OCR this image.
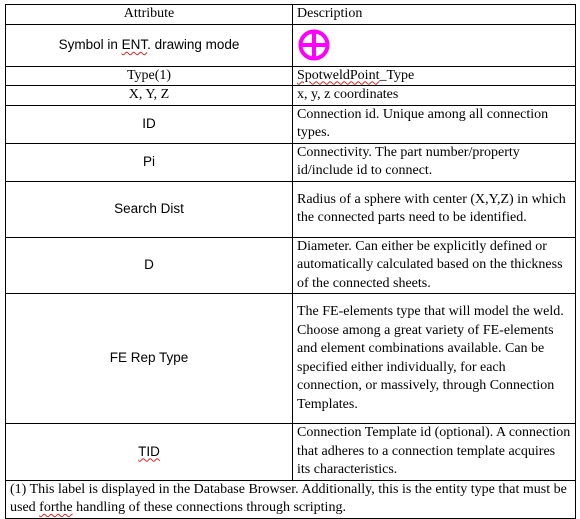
Attribute	Description
Symbol in ENT. drawing mode	

Type(1)	SpotweldPoint_Type
X, Y, Z	x, y, z coordinates
ID	Connection id. Unique among all connection types.
Pi	Connectivity. The part number/property id/include id to connect.
Search Dist	Radius of a sphere with center (X,Y,Z) in which the connected parts need to be identified.
D	Diameter. Can either be explicitly defined or automatically calculated based on the thickness of the connected sheets.
FE Rep Type	The FE-elements type that will model the weld. Choose among a great variety of FE-elements and element combinations available. Can be specified either individually, for each connection, or massively, through Connection Templates.
TID	Connection Template id (optional). A connection that adheres to a connection template acquires its characteristics.
(1) This label is displayed in the Database Browser. Additionally, this is the entity type that must be used forthe handling of these connections through scripting.	
